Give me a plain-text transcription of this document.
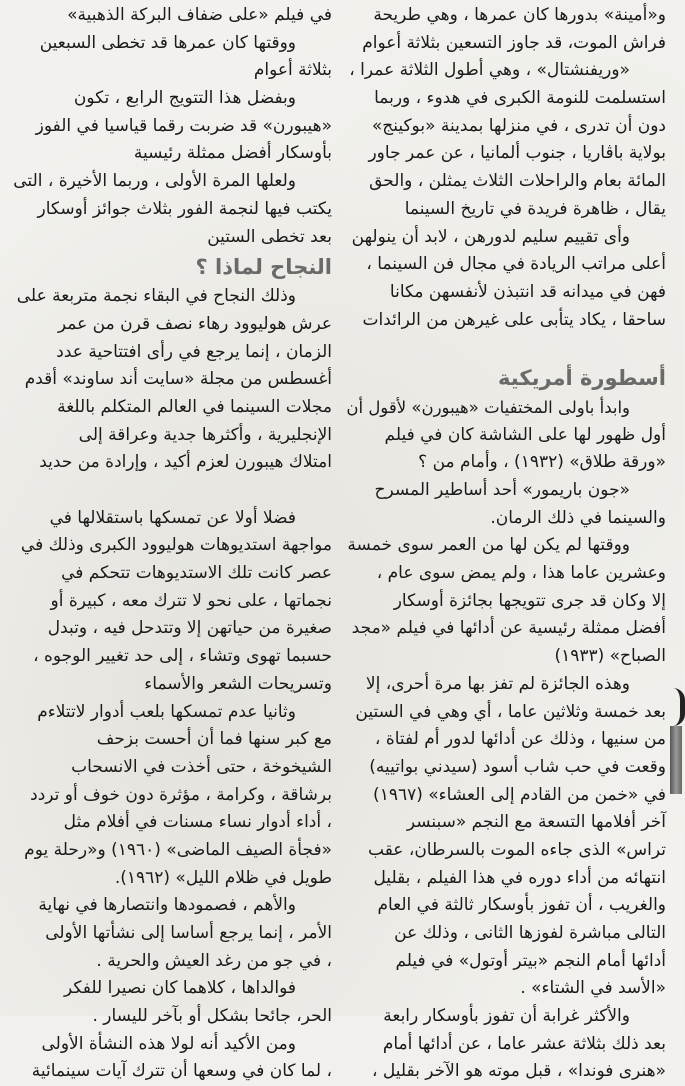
و«أمينة» بدورها كان عمرها ، وهي طريحة
فراش الموت، قد جاوز التسعين بثلاثة أعوام
«وريفنشتال» ، وهي أطول الثلاثة عمرا ،
استسلمت للنومة الكبرى في هدوء ، وربما
دون أن تدرى ، في منزلها بمدينة «بوكينج»
بولاية باڤاريا ، جنوب ألمانيا ، عن عمر جاور
المائة بعام والراحلات الثلاث يمثلن ، والحق
يقال ، ظاهرة فريدة في تاريخ السينما
وأى تقييم سليم لدورهن ، لابد أن ينولهن
أعلى مراتب الريادة في مجال فن السينما ،
فهن في ميدانه قد انتبذن لأنفسهن مكانا
ساحقا ، يكاد يتأبى على غيرهن من الرائدات
أسطورة أمريكية
وابدأ باولى المختفيات «هيبورن» لأقول أن
أول ظهور لها على الشاشة كان في فيلم
«ورقة طلاق» (١٩٣٢) ، وأمام من ؟
«جون باريمور» أحد أساطير المسرح
والسينما في ذلك الرمان.
ووقتها لم يكن لها من العمر سوى خمسة
وعشرين عاما هذا ، ولم يمض سوى عام ،
إلا وكان قد جرى تتويجها بجائزة أوسكار
أفضل ممثلة رئيسية عن أدائها في فيلم «مجد
الصباح» (١٩٣٣)
وهذه الجائزة لم تفز بها مرة أحرى، إلا
بعد خمسة وثلاثين عاما ، أي وهي في الستين
من سنيها ، وذلك عن أدائها لدور أم لفتاة ،
وقعت في حب شاب أسود (سيدني بواتييه)
في «خمن من القادم إلى العشاء» (١٩٦٧)
آخر أفلامها التسعة مع النجم «سبنسر
تراس» الذى جاءه الموت بالسرطان، عقب
انتهائه من أداء دوره في هذا الفيلم ، بقليل
والغريب ، أن تفوز بأوسكار ثالثة في العام
التالى مباشرة لفوزها الثانى ، وذلك عن
أدائها أمام النجم «بيتر أوتول» في فيلم
«الأسد في الشتاء» .
والأكثر غرابة أن تفوز بأوسكار رابعة
بعد ذلك بثلاثة عشر عاما ، عن أدائها أمام
«هنرى فوندا» ، قبل موته هو الآخر بقليل ،
في فيلم «على ضفاف البركة الذهبية»
ووقتها كان عمرها قد تخطى السبعين
بثلاثة أعوام
وبفضل هذا التتويج الرابع ، تكون
«هيبورن» قد ضربت رقما قياسيا في الفوز
بأوسكار أفضل ممثلة رئيسية
ولعلها المرة الأولى ، وربما الأخيرة ، التى
يكتب فيها لنجمة الفور بثلاث جوائز أوسكار
بعد تخطى الستين
النجاح لماذا ؟
وذلك النجاح في البقاء نجمة متربعة على
عرش هوليوود رهاء نصف قرن من عمر
الزمان ، إنما يرجع في رأى افتتاحية عدد
أغسطس من مجلة «سايت أند ساوند» أقدم
مجلات السينما في العالم المتكلم باللغة
الإنجليرية ، وأكثرها جدية وعراقة إلى
امتلاك هيبورن لعزم أكيد ، وإرادة من حديد
فضلا أولا عن تمسكها باستقلالها في
مواجهة استديوهات هوليوود الكبرى وذلك في
عصر كانت تلك الاستديوهات تتحكم في
نجماتها ، على نحو لا تترك معه ، كبيرة أو
صغيرة من حياتهن إلا وتتدحل فيه ، وتبدل
حسبما تهوى وتشاء ، إلى حد تغيير الوجوه ،
وتسريحات الشعر والأسماء
وثانيا عدم تمسكها بلعب أدوار لاتتلاءم
مع كبر سنها فما أن أحست بزحف
الشيخوخة ، حتى أخذت في الانسحاب
برشاقة ، وكرامة ، مؤثرة دون خوف أو تردد
، أداء أدوار نساء مسنات في أفلام مثل
«فجأة الصيف الماضى» (١٩٦٠) و«رحلة يوم
طويل في ظلام الليل» (١٩٦٢).
والأهم ، فصمودها وانتصارها في نهاية
الأمر ، إنما يرجع أساسا إلى نشأتها الأولى
، في جو من رغد العيش والحرية .
فوالداها ، كلاهما كان نصيرا للفكر
الحر، جائحا بشكل أو بآخر لليسار .
ومن الأكيد أنه لولا هذه النشأة الأولى
، لما كان في وسعها أن تترك آيات سينمائية
